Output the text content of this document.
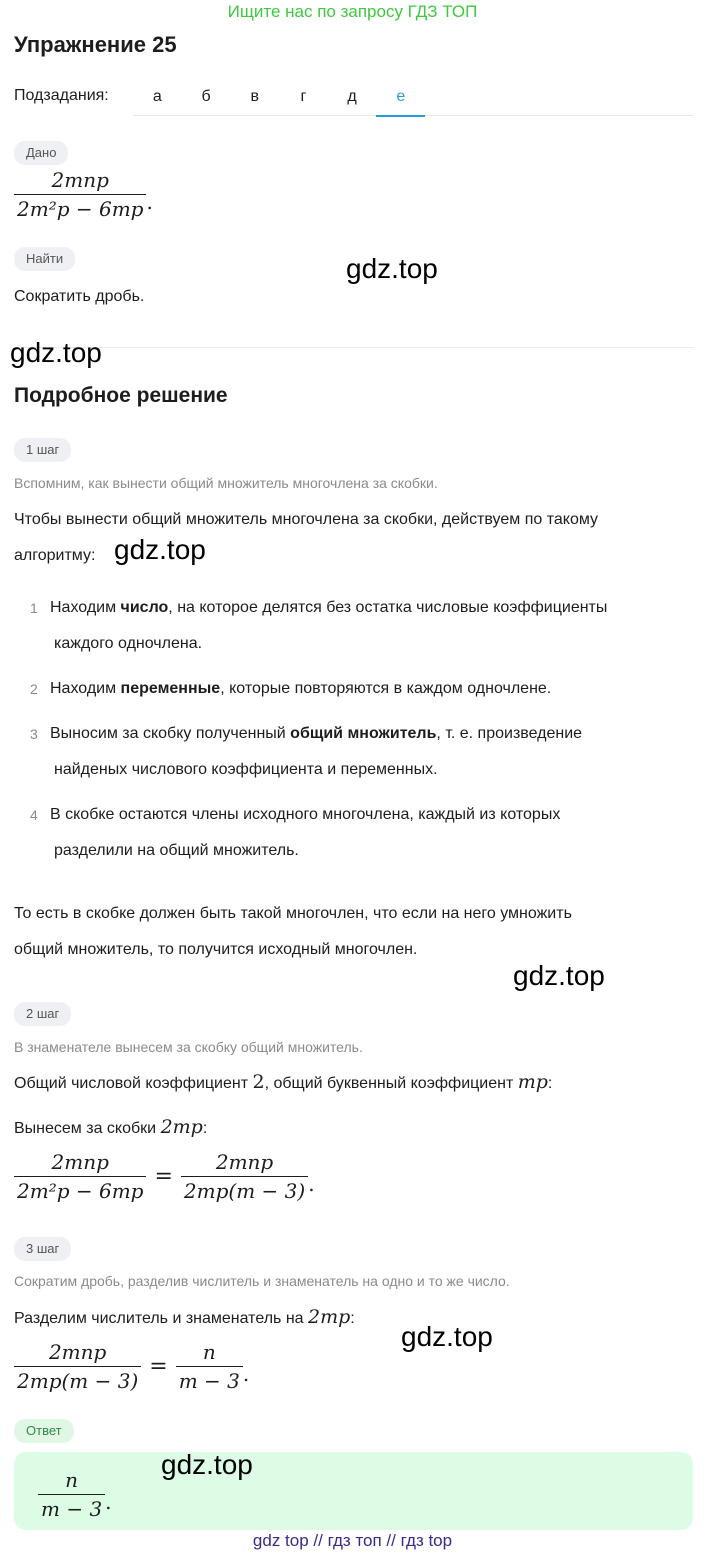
Ищите нас по запросу ГДЗ ТОП
Упражнение 25
Подзадания:	а	б	в	г	д	е
Дано
$\frac{\text{2mnp}}{\text{2m²p − 6mp}}$ .
Найти
Сократить дробь.
Подробное решение
1 шаг
Вспомним, как вынести общий множитель многочлена за скобки.
Чтобы вынести общий множитель многочлена за скобки, действуем по такому
алгоритму:
1 Находим число, на которое делятся без остатка числовые коэффициенты
каждого одночлена.
2 Находим переменные, которые повторяются в каждом одночлене.
3 Выносим за скобку полученный общий множитель, т. е. произведение
найденых числового коэффициента и переменных.
4 В скобке остаются члены исходного многочлена, каждый из которых
разделили на общий множитель.
То есть в скобке должен быть такой многочлен, что если на него умножить
общий множитель, то получится исходный многочлен.
2 шаг
В знаменателе вынесем за скобку общий множитель.
Общий числовой коэффициент 2, общий буквенный коэффициент mp:
Вынесем за скобки 2mp:
$\frac{\text{2mnp}}{\text{2m²p − 6mp}} = \frac{\text{2mnp}}{2mp(m - 3)}$ .
3 шаг
Сократим дробь, разделив числитель и знаменатель на одно и то же число.
Разделим числитель и знаменатель на 2mp:
$\frac{\text{2mnp}}{2mp(m - 3)} = \frac{n}{m - 3}$ .
Ответ
$\frac{n}{m - 3}$ .
gdz.top
gdz.top
gdz.top
gdz.top
gdz.top
gdz.top
gdz top // гдз топ // гдз top
